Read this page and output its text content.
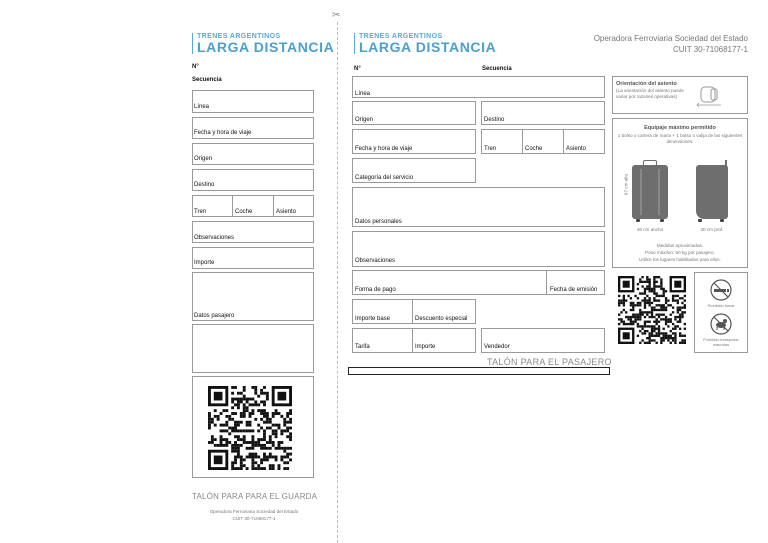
✂
TRENES ARGENTINOS
LARGA DISTANCIA
N°
Secuencia
Línea
Fecha y hora de viaje
Origen
Destino
Tren	Coche	Asiento
Observaciones
Importe
Datos pasajero
TALÓN PARA PARA EL GUARDA
Operadora Ferroviaria Sociedad del Estado
CUIT 30-71068177-1
TRENES ARGENTINOS
LARGA DISTANCIA
Operadora Ferroviaria Sociedad del Estado
CUIT 30-71068177-1
N°	Secuencia
Línea
Origen	Destino
Fecha y hora de viaje	Tren	Coche	Asiento
Categoría del servicio
Datos personales
Observaciones
Forma de pago	Fecha de emisión
Importe base	Descuento especial
Tarifa	Importe	Vendedor
TALÓN PARA EL PASAJERO
Orientación del asiento
(La orientación del asiento puede variar por razones operativas)
Equipaje máximo permitido
1 bolso o cartera de mano + 1 bolso o valija de las siguientes dimensiones:
67 cm alto
46 cm ancho	30 cm prof.
Medidas aproximadas.
Peso máximo: 50 kg por pasajero.
Utilice los lugares habilitados para ellos.
Prohibido fumar
Prohibido transportar mascotas
